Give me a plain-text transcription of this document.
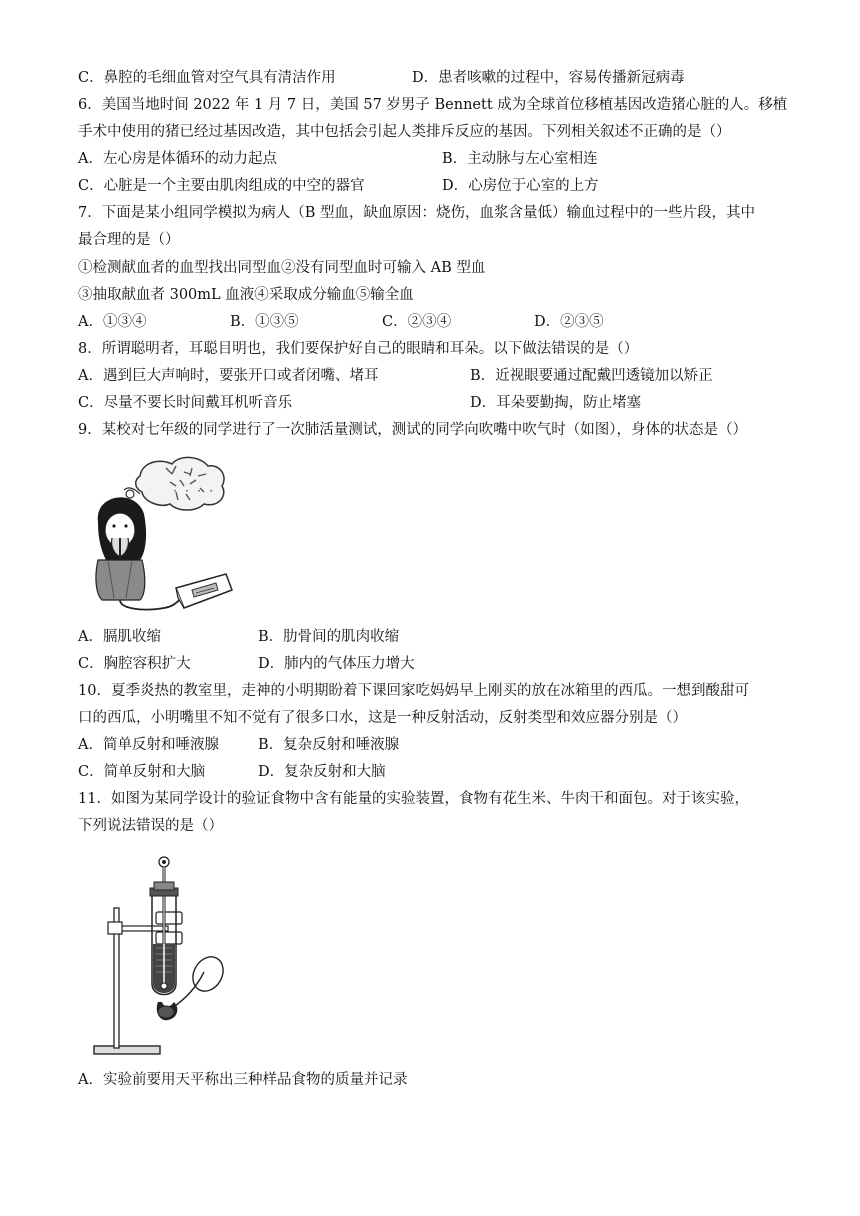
C．鼻腔的毛细血管对空气具有清洁作用	D．患者咳嗽的过程中，容易传播新冠病毒
6．美国当地时间 2022 年 1 月 7 日，美国 57 岁男子 Bennett 成为全球首位移植基因改造猪心脏的人。移植
手术中使用的猪已经过基因改造，其中包括会引起人类排斥反应的基因。下列相关叙述不正确的是（）
A．左心房是体循环的动力起点	B．主动脉与左心室相连
C．心脏是一个主要由肌肉组成的中空的器官	D．心房位于心室的上方
7．下面是某小组同学模拟为病人（B 型血，缺血原因：烧伤，血浆含量低）输血过程中的一些片段，其中
最合理的是（）
①检测献血者的血型找出同型血②没有同型血时可输入 AB 型血
③抽取献血者 300mL 血液④采取成分输血⑤输全血
A．①③④	B．①③⑤	C．②③④	D．②③⑤
8．所谓聪明者，耳聪目明也，我们要保护好自己的眼睛和耳朵。以下做法错误的是（）
A．遇到巨大声响时，要张开口或者闭嘴、堵耳	B．近视眼要通过配戴凹透镜加以矫正
C．尽量不要长时间戴耳机听音乐	D．耳朵要勤掏，防止堵塞
9．某校对七年级的同学进行了一次肺活量测试，测试的同学向吹嘴中吹气时（如图），身体的状态是（）
· · · ·
A．膈肌收缩	B．肋骨间的肌肉收缩
C．胸腔容积扩大	D．肺内的气体压力增大
10．夏季炎热的教室里，走神的小明期盼着下课回家吃妈妈早上刚买的放在冰箱里的西瓜。一想到酸甜可
口的西瓜，小明嘴里不知不觉有了很多口水，这是一种反射活动，反射类型和效应器分别是（）
A．简单反射和唾液腺	B．复杂反射和唾液腺
C．简单反射和大脑	D．复杂反射和大脑
11．如图为某同学设计的验证食物中含有能量的实验装置，食物有花生米、牛肉干和面包。对于该实验，
下列说法错误的是（）
A．实验前要用天平称出三种样品食物的质量并记录
